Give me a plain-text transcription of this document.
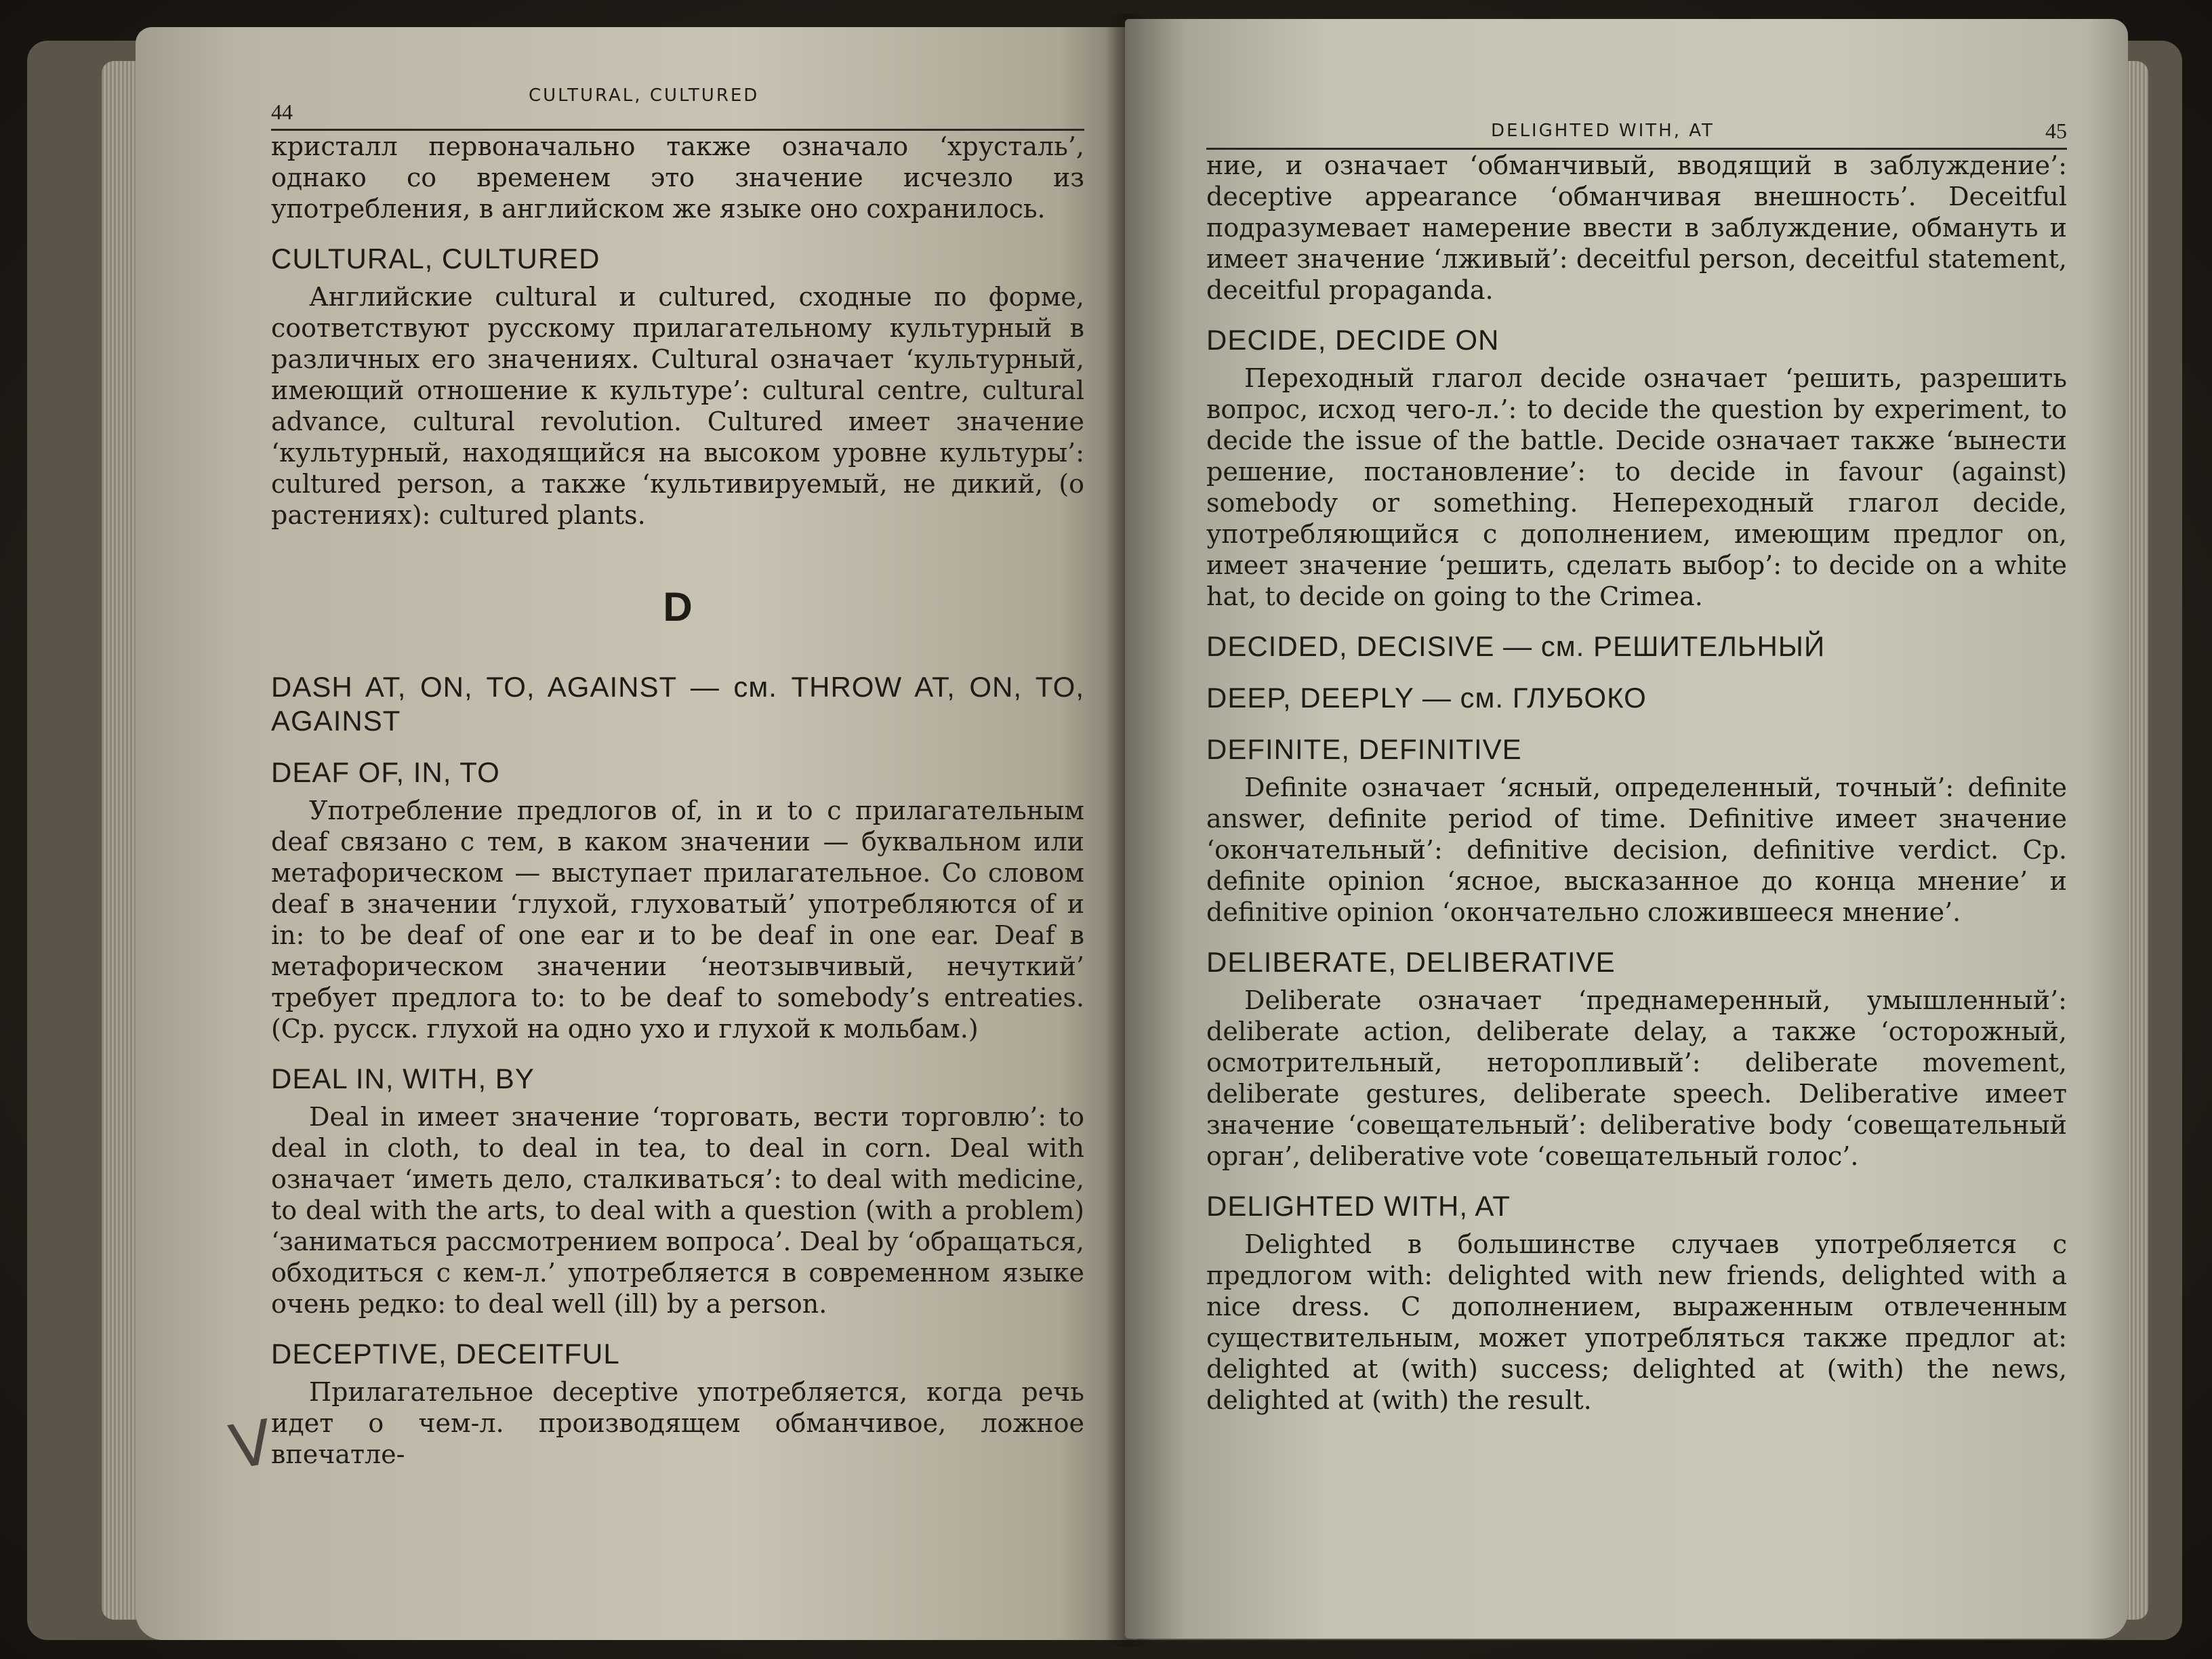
44
CULTURAL, CULTURED

кристалл первоначально также означало ‘хрусталь’, однако со временем это значение исчезло из употребления, в английском же языке оно сохранилось.

CULTURAL, CULTURED

Английские cultural и cultured, сходные по форме, соответствуют русскому прилагательному культурный в различных его значениях. Cultural означает ‘культурный, имеющий отношение к культуре’: cultural centre, cultural advance, cultural revolution. Cultured имеет значение ‘культурный, находящийся на высоком уровне культуры’: cultured person, а также ‘культивируемый, не дикий, (о растениях): cultured plants.

D
DASH AT, ON, TO, AGAINST — см. THROW AT, ON, TO, AGAINST
DEAF OF, IN, TO

Употребление предлогов of, in и to с прилагательным deaf связано с тем, в каком значении — буквальном или метафорическом — выступает прилагательное. Со словом deaf в значении ‘глухой, глуховатый’ употребляются of и in: to be deaf of one ear и to be deaf in one ear. Deaf в метафорическом значении ‘неотзывчивый, нечуткий’ требует предлога to: to be deaf to somebody’s entreaties. (Ср. русск. глухой на одно ухо и глухой к мольбам.)

DEAL IN, WITH, BY

Deal in имеет значение ‘торговать, вести торговлю’: to deal in cloth, to deal in tea, to deal in corn. Deal with означает ‘иметь дело, сталкиваться’: to deal with medicine, to deal with the arts, to deal with a question (with a problem) ‘заниматься рассмотрением вопроса’. Deal by ‘обращаться, обходиться с кем-л.’ употребляется в современном языке очень редко: to deal well (ill) by a person.

DECEPTIVE, DECEITFUL

Прилагательное deceptive употребляется, когда речь идет о чем-л. производящем обманчивое, ложное впечатле-

V
DELIGHTED WITH, AT	45

ние, и означает ‘обманчивый, вводящий в заблуждение’: deceptive appearance ‘обманчивая внешность’. Deceitful подразумевает намерение ввести в заблуждение, обмануть и имеет значение ‘лживый’: deceitful person, deceitful statement, deceitful propaganda.

DECIDE, DECIDE ON

Переходный глагол decide означает ‘решить, разрешить вопрос, исход чего-л.’: to decide the question by experiment, to decide the issue of the battle. Decide означает также ‘вынести решение, постановление’: to decide in favour (against) somebody or something. Непереходный глагол decide, употребляющийся с дополнением, имеющим предлог on, имеет значение ‘решить, сделать выбор’: to decide on a white hat, to decide on going to the Crimea.

DECIDED, DECISIVE — см. РЕШИТЕЛЬНЫЙ
DEEP, DEEPLY — см. ГЛУБОКО
DEFINITE, DEFINITIVE

Definite означает ‘ясный, определенный, точный’: definite answer, definite period of time. Definitive имеет значение ‘окончательный’: definitive decision, definitive verdict. Ср. definite opinion ‘ясное, высказанное до конца мнение’ и definitive opinion ‘окончательно сложившееся мнение’.

DELIBERATE, DELIBERATIVE

Deliberate означает ‘преднамеренный, умышленный’: deliberate action, deliberate delay, а также ‘осторожный, осмотрительный, неторопливый’: deliberate movement, deliberate gestures, deliberate speech. Deliberative имеет значение ‘совещательный’: deliberative body ‘совещательный орган’, deliberative vote ‘совещательный голос’.

DELIGHTED WITH, AT

Delighted в большинстве случаев употребляется с предлогом with: delighted with new friends, delighted with a nice dress. С дополнением, выраженным отвлеченным существительным, может употребляться также предлог at: delighted at (with) success; delighted at (with) the news, delighted at (with) the result.
